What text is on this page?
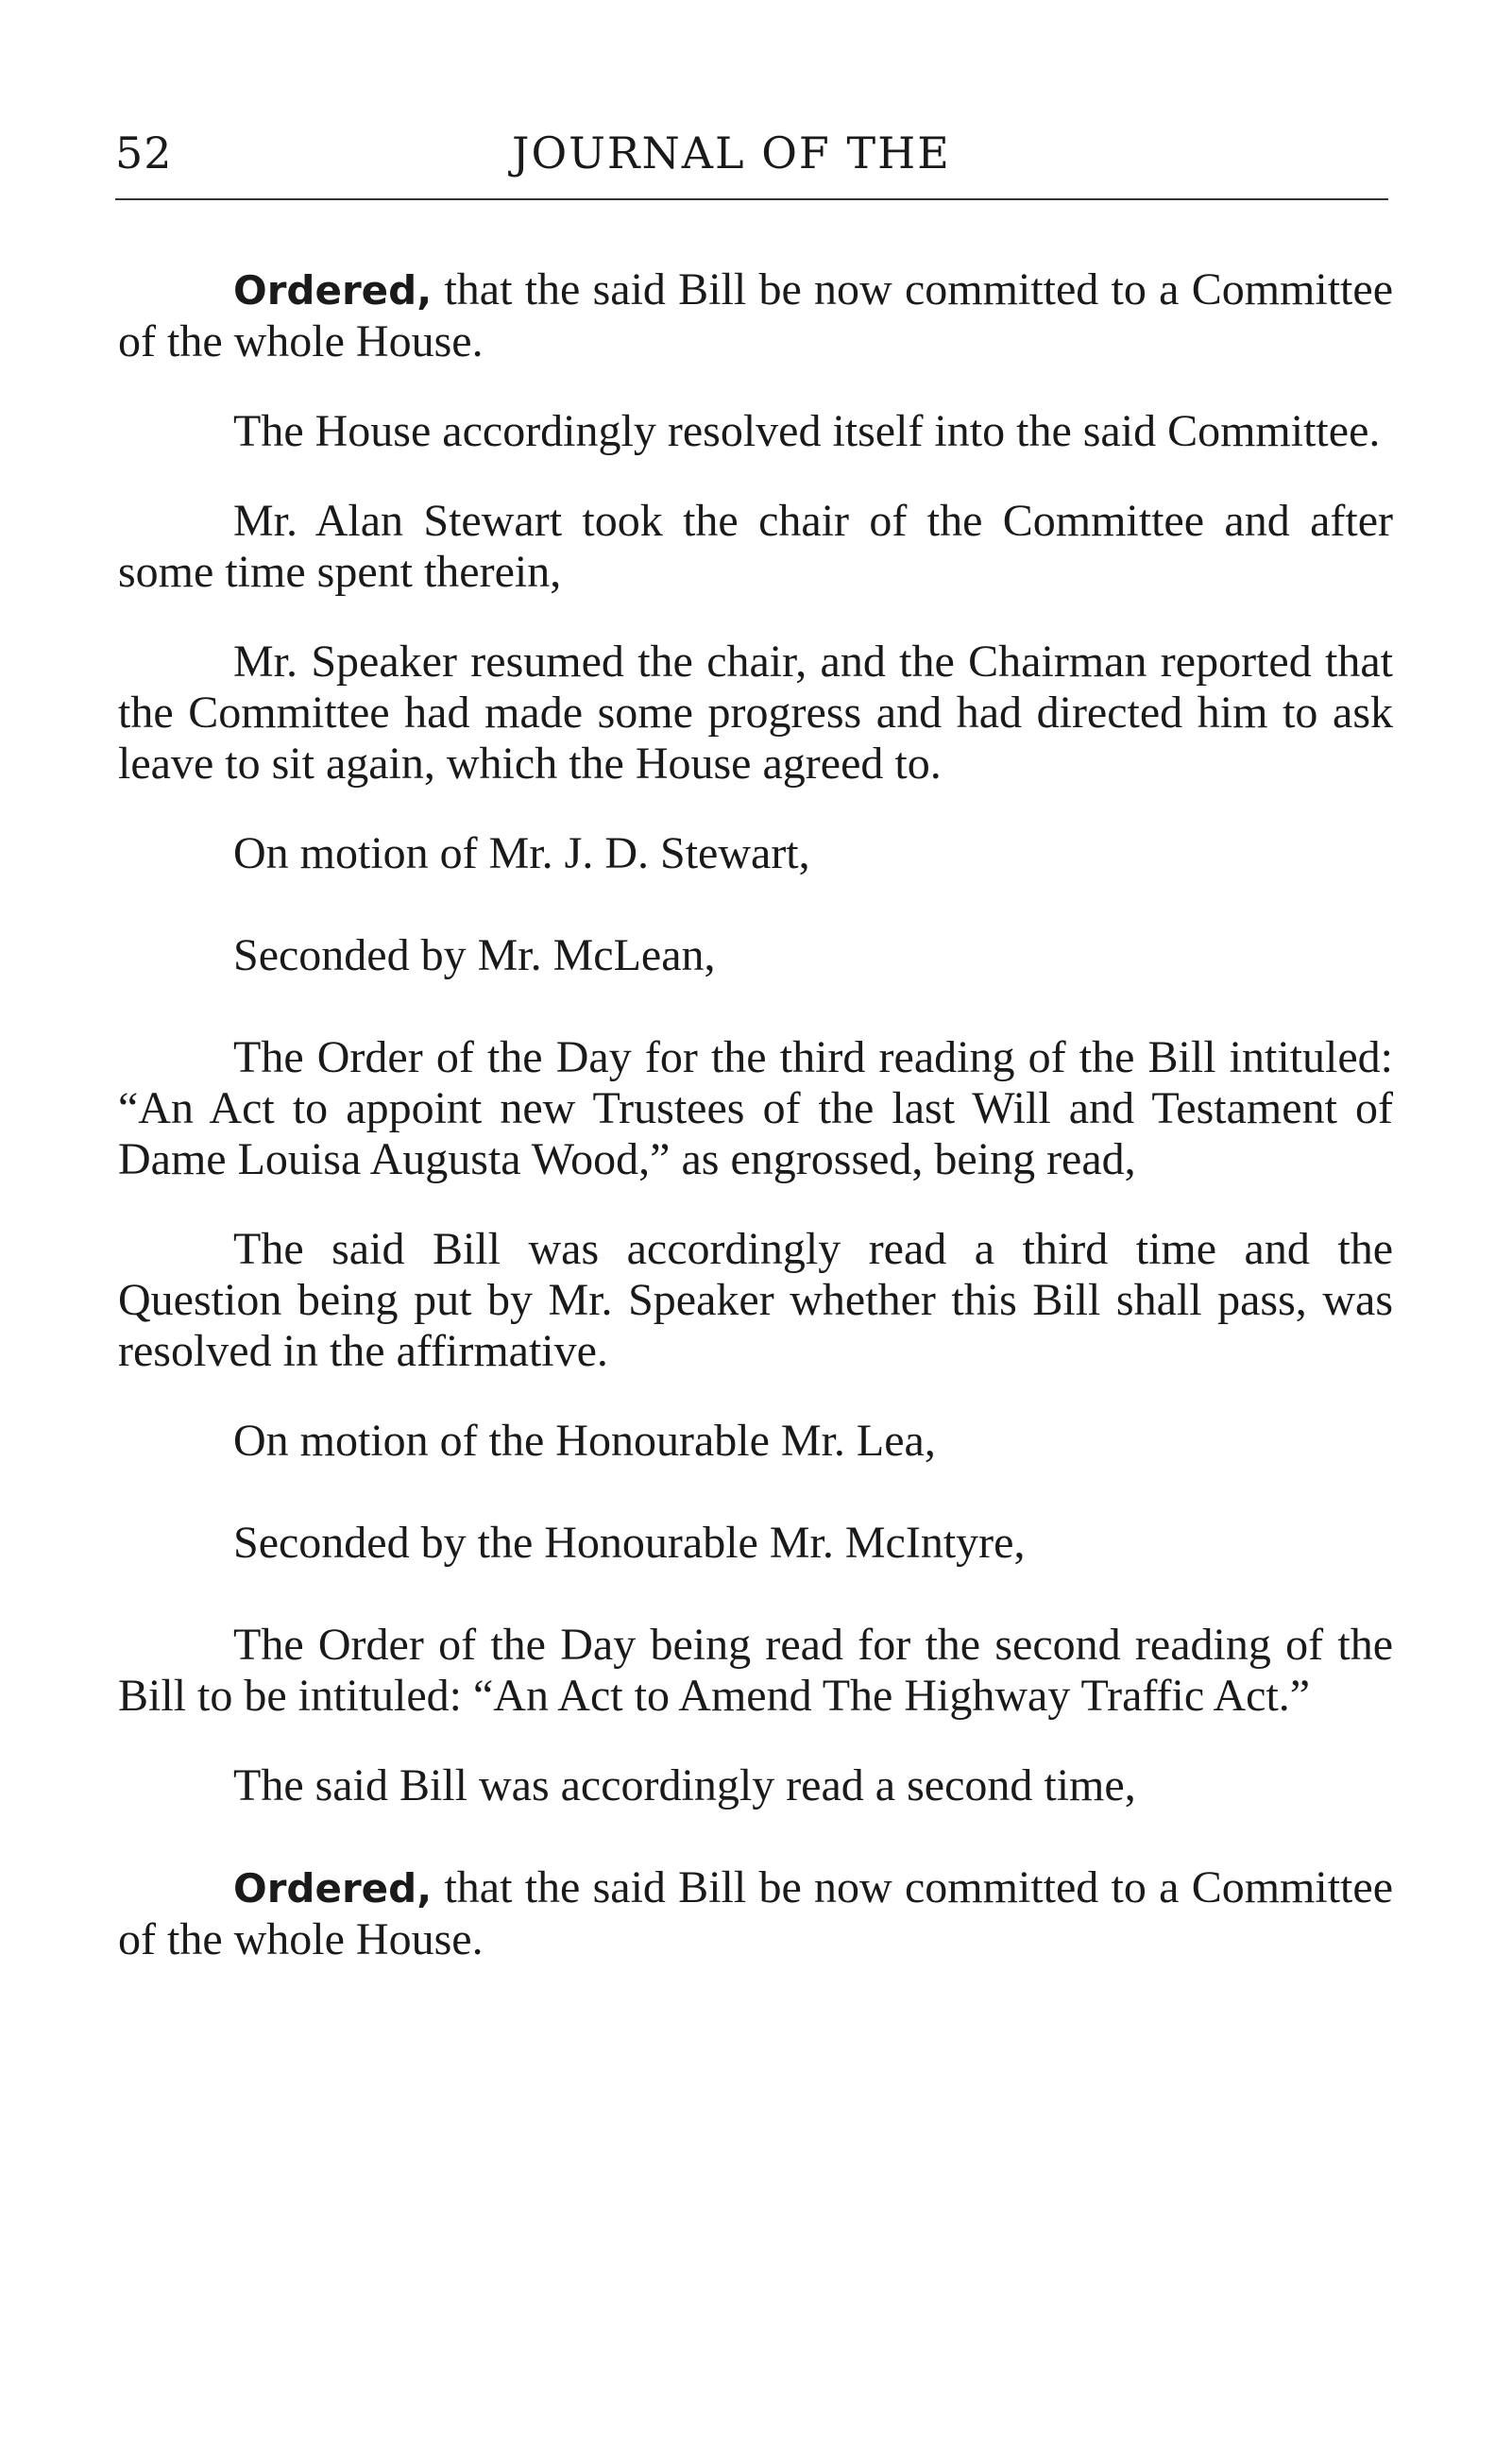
52	JOURNAL OF THE

Ordered, that the said Bill be now committed to a Committee of the whole House.

The House accordingly resolved itself into the said Committee.

Mr. Alan Stewart took the chair of the Committee and after some time spent therein,

Mr. Speaker resumed the chair, and the Chairman reported that the Committee had made some progress and had directed him to ask leave to sit again, which the House agreed to.

On motion of Mr. J. D. Stewart,

Seconded by Mr. McLean,

The Order of the Day for the third reading of the Bill intituled: “An Act to appoint new Trustees of the last Will and Testament of Dame Louisa Augusta Wood,” as engrossed, being read,

The said Bill was accordingly read a third time and the Question being put by Mr. Speaker whether this Bill shall pass, was resolved in the affirmative.

On motion of the Honourable Mr. Lea,

Seconded by the Honourable Mr. McIntyre,

The Order of the Day being read for the second reading of the Bill to be intituled: “An Act to Amend The Highway Traffic Act.”

The said Bill was accordingly read a second time,

Ordered, that the said Bill be now committed to a Committee of the whole House.
